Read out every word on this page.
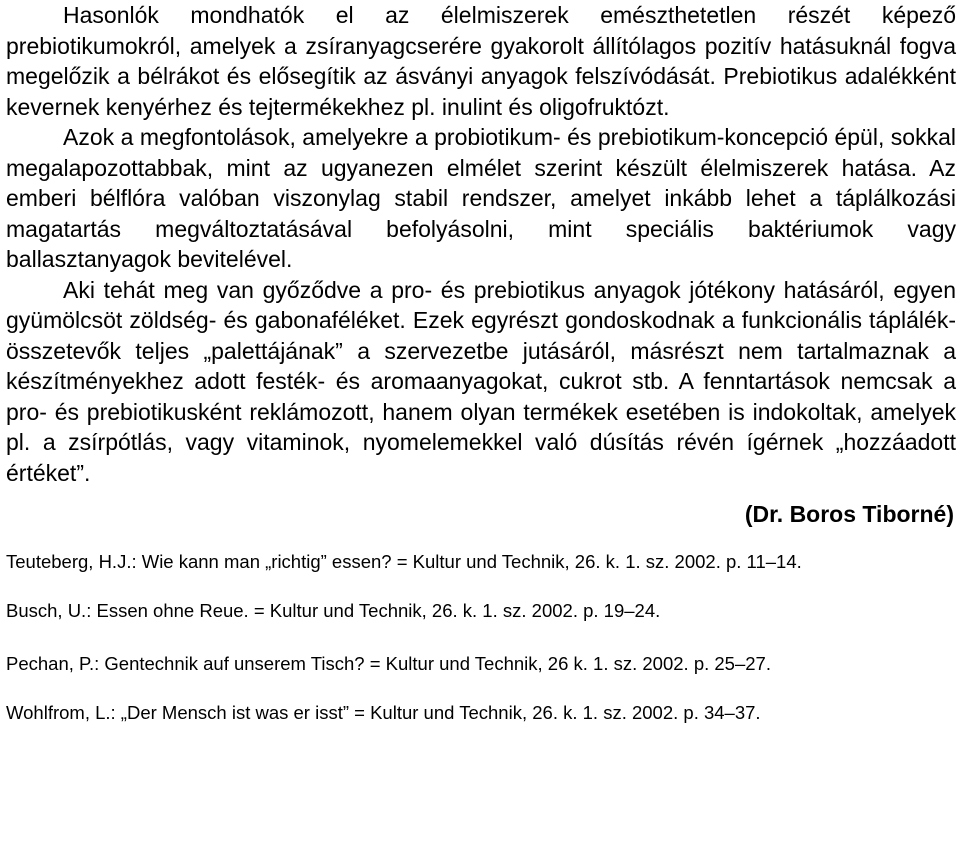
Hasonlók mondhatók el az élelmiszerek emészthetetlen részét képező prebiotikumokról, amelyek a zsíranyagcserére gyakorolt állítólagos pozitív hatásuknál fogva megelőzik a bélrákot és elősegítik az ásványi anyagok felszívódását. Prebiotikus adalékként kevernek kenyérhez és tejtermékekhez pl. inulint és oligofruktózt.

Azok a megfontolások, amelyekre a probiotikum- és prebiotikum-koncepció épül, sokkal megalapozottabbak, mint az ugyanezen elmélet szerint készült élelmiszerek hatása. Az emberi bélflóra valóban viszonylag stabil rendszer, amelyet inkább lehet a táplálkozási magatartás megváltoztatásával befolyásolni, mint speciális baktériumok vagy ballasztanyagok bevitelével.

Aki tehát meg van győződve a pro- és prebiotikus anyagok jótékony hatásáról, egyen gyümölcsöt zöldség- és gabonaféléket. Ezek egyrészt gondoskodnak a funkcionális táplálék-összetevők teljes „palettájának” a szervezetbe jutásáról, másrészt nem tartalmaznak a készítményekhez adott festék- és aromaanyagokat, cukrot stb. A fenntartások nemcsak a pro- és prebiotikusként reklámozott, hanem olyan termékek esetében is indokoltak, amelyek pl. a zsírpótlás, vagy vitaminok, nyomelemekkel való dúsítás révén ígérnek „hozzáadott értéket”.

(Dr. Boros Tiborné)

Teuteberg, H.J.: Wie kann man „richtig” essen? = Kultur und Technik, 26. k. 1. sz. 2002. p. 11–14.

Busch, U.: Essen ohne Reue. = Kultur und Technik, 26. k. 1. sz. 2002. p. 19–24.

Pechan, P.: Gentechnik auf unserem Tisch? = Kultur und Technik, 26 k. 1. sz. 2002. p. 25–27.

Wohlfrom, L.: „Der Mensch ist was er isst” = Kultur und Technik, 26. k. 1. sz. 2002. p. 34–37.
